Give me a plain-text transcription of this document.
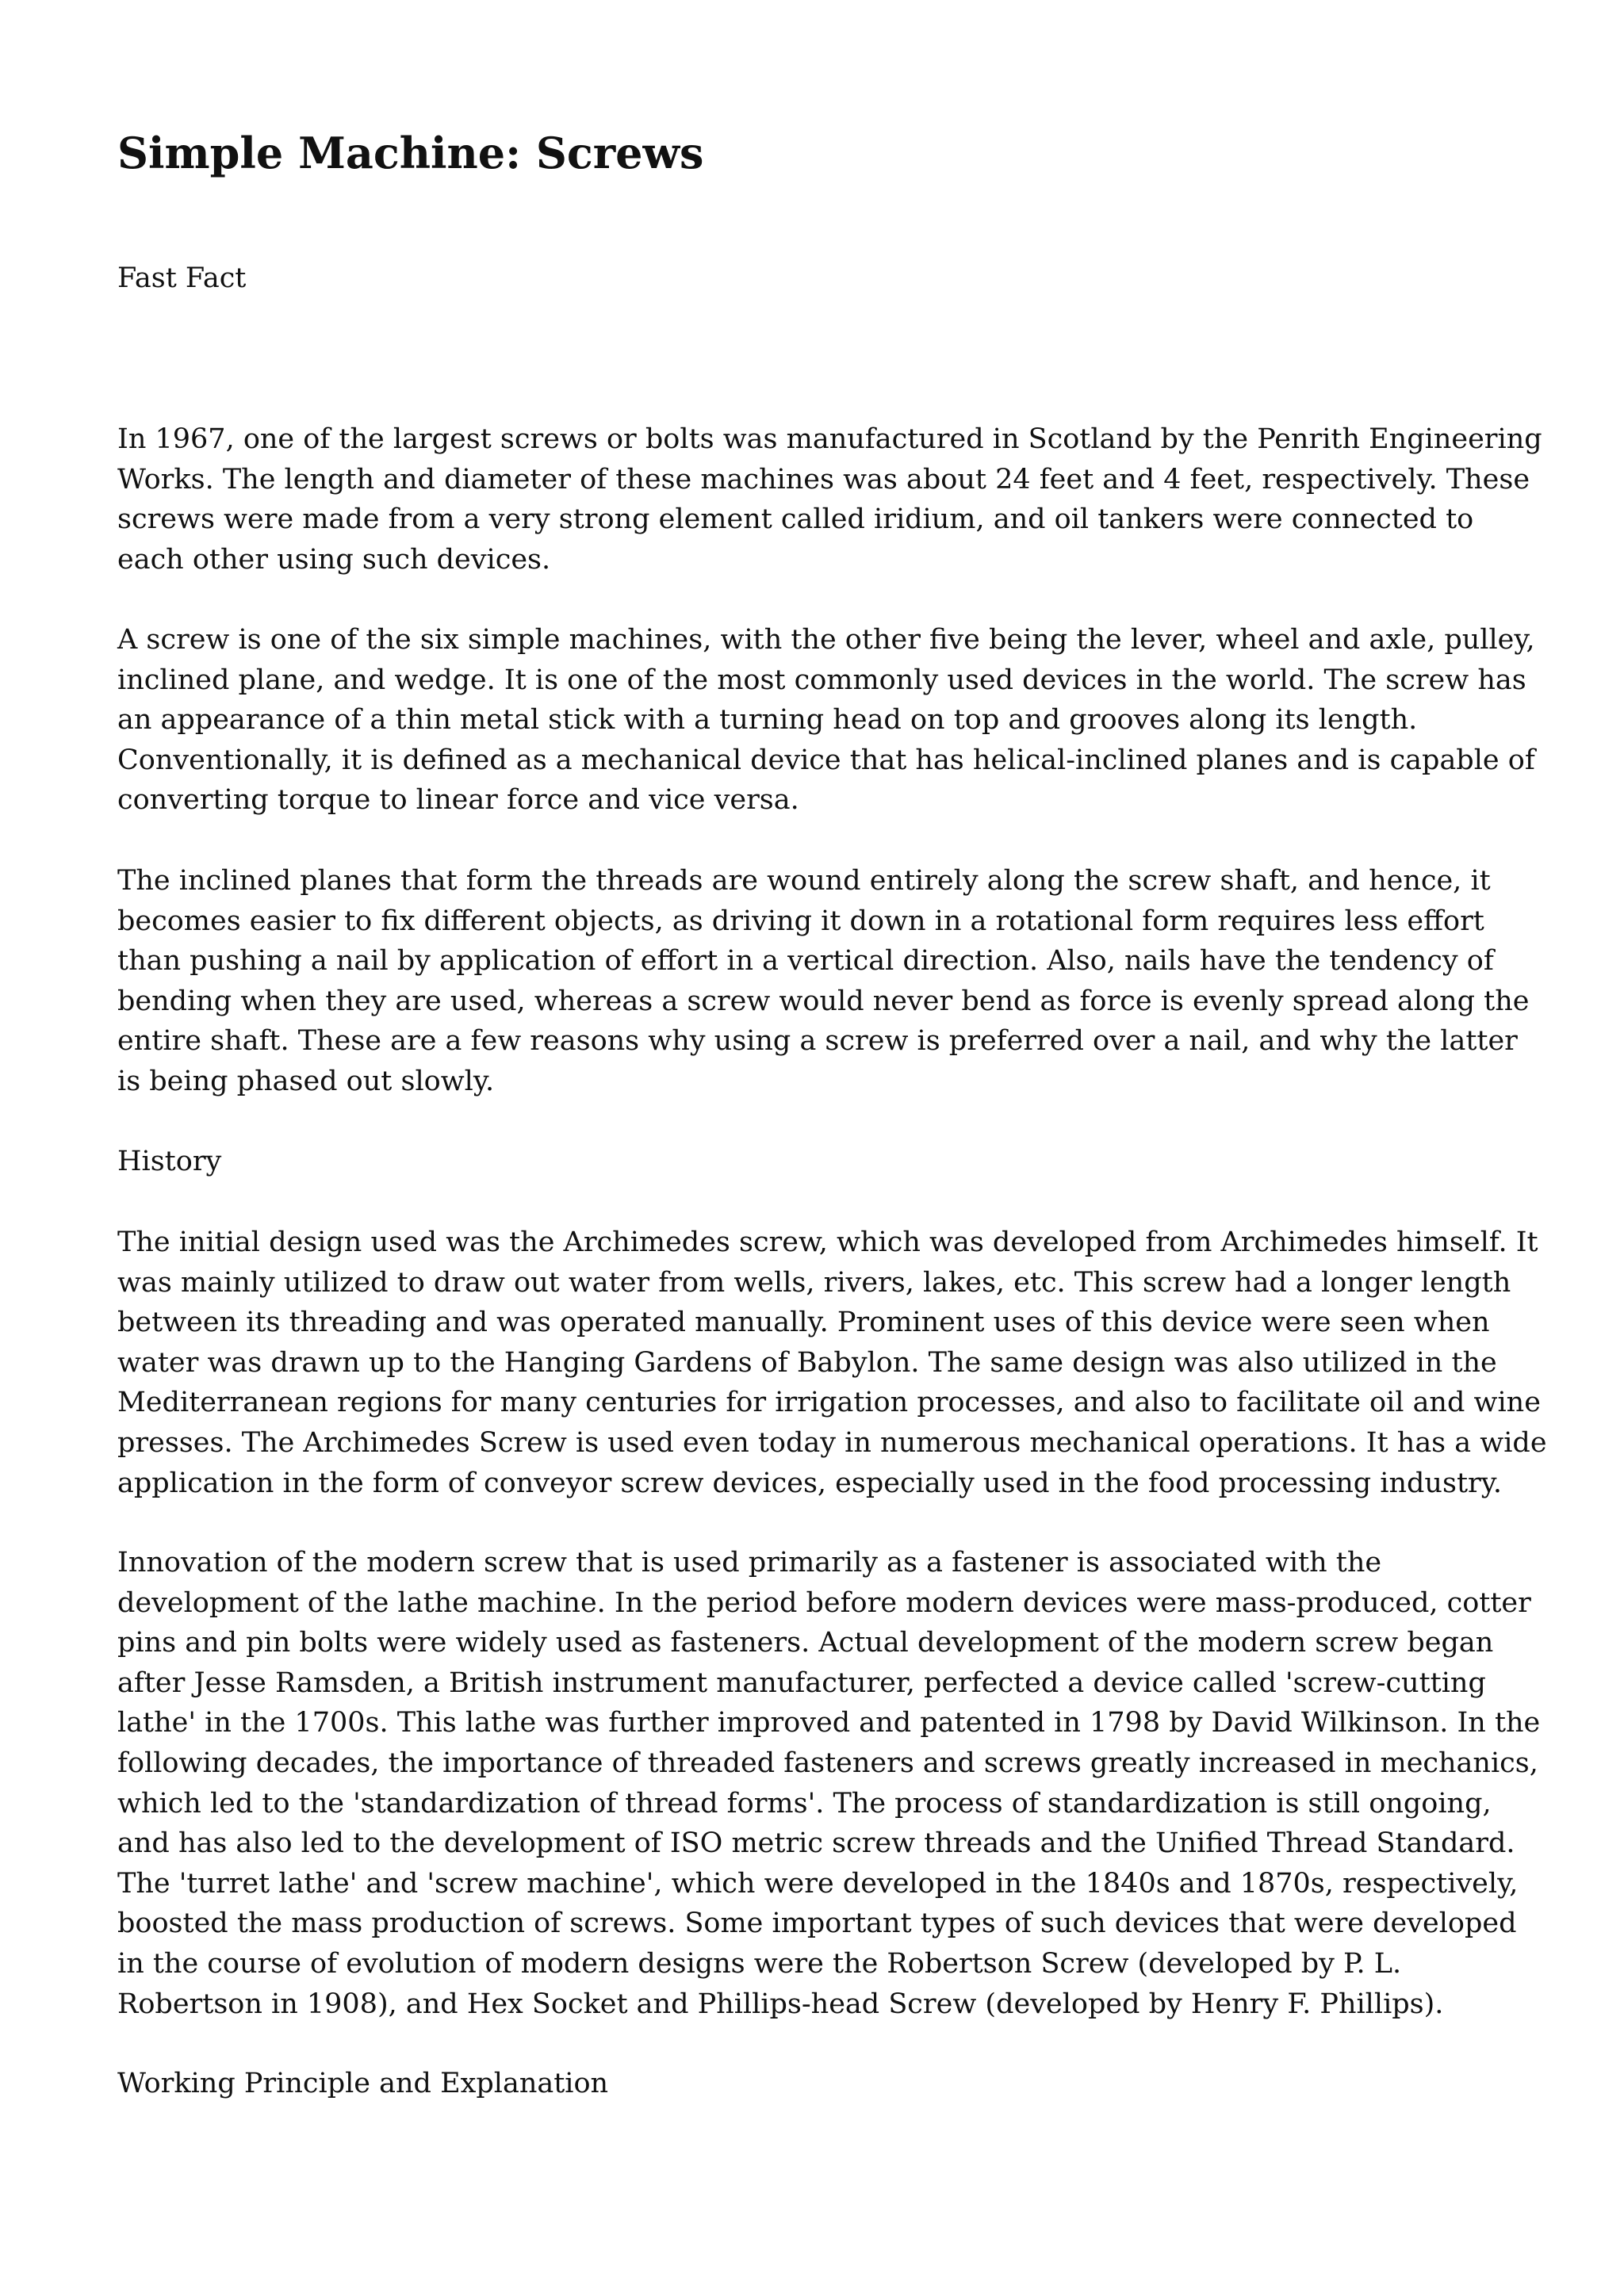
Simple Machine: Screws

Fast Fact

In 1967, one of the largest screws or bolts was manufactured in Scotland by the Penrith Engineering
Works. The length and diameter of these machines was about 24 feet and 4 feet, respectively. These
screws were made from a very strong element called iridium, and oil tankers were connected to
each other using such devices.
A screw is one of the six simple machines, with the other five being the lever, wheel and axle, pulley,
inclined plane, and wedge. It is one of the most commonly used devices in the world. The screw has
an appearance of a thin metal stick with a turning head on top and grooves along its length.
Conventionally, it is defined as a mechanical device that has helical-inclined planes and is capable of
converting torque to linear force and vice versa.
The inclined planes that form the threads are wound entirely along the screw shaft, and hence, it
becomes easier to fix different objects, as driving it down in a rotational form requires less effort
than pushing a nail by application of effort in a vertical direction. Also, nails have the tendency of
bending when they are used, whereas a screw would never bend as force is evenly spread along the
entire shaft. These are a few reasons why using a screw is preferred over a nail, and why the latter
is being phased out slowly.

History

The initial design used was the Archimedes screw, which was developed from Archimedes himself. It
was mainly utilized to draw out water from wells, rivers, lakes, etc. This screw had a longer length
between its threading and was operated manually. Prominent uses of this device were seen when
water was drawn up to the Hanging Gardens of Babylon. The same design was also utilized in the
Mediterranean regions for many centuries for irrigation processes, and also to facilitate oil and wine
presses. The Archimedes Screw is used even today in numerous mechanical operations. It has a wide
application in the form of conveyor screw devices, especially used in the food processing industry.
Innovation of the modern screw that is used primarily as a fastener is associated with the
development of the lathe machine. In the period before modern devices were mass-produced, cotter
pins and pin bolts were widely used as fasteners. Actual development of the modern screw began
after Jesse Ramsden, a British instrument manufacturer, perfected a device called 'screw-cutting
lathe' in the 1700s. This lathe was further improved and patented in 1798 by David Wilkinson. In the
following decades, the importance of threaded fasteners and screws greatly increased in mechanics,
which led to the 'standardization of thread forms'. The process of standardization is still ongoing,
and has also led to the development of ISO metric screw threads and the Unified Thread Standard.
The 'turret lathe' and 'screw machine', which were developed in the 1840s and 1870s, respectively,
boosted the mass production of screws. Some important types of such devices that were developed
in the course of evolution of modern designs were the Robertson Screw (developed by P. L.
Robertson in 1908), and Hex Socket and Phillips-head Screw (developed by Henry F. Phillips).

Working Principle and Explanation
